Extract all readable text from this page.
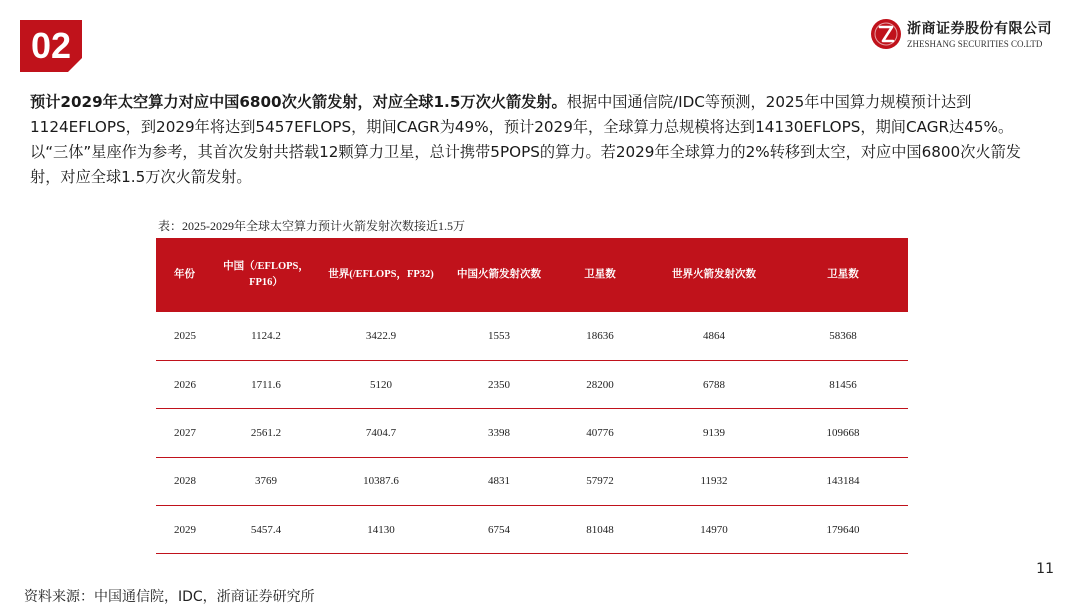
02	浙商证券股份有限公司
ZHESHANG SECURITIES CO.LTD

预计2029年太空算力对应中国6800次火箭发射，对应全球1.5万次火箭发射。根据中国通信院/IDC等预测，2025年中国算力规模预计达到1124EFLOPS，到2029年将达到5457EFLOPS，期间CAGR为49%，预计2029年，全球算力总规模将达到14130EFLOPS，期间CAGR达45%。以“三体”星座作为参考，其首次发射共搭载12颗算力卫星，总计携带5POPS的算力。若2029年全球算力的2%转移到太空，对应中国6800次火箭发射，对应全球1.5万次火箭发射。

表：2025-2029年全球太空算力预计火箭发射次数接近1.5万
年份	中国（/EFLOPS，FP16）	世界(/EFLOPS，FP32)	中国火箭发射次数	卫星数	世界火箭发射次数	卫星数
2025	1124.2	3422.9	1553	18636	4864	58368
2026	1711.6	5120	2350	28200	6788	81456
2027	2561.2	7404.7	3398	40776	9139	109668
2028	3769	10387.6	4831	57972	11932	143184
2029	5457.4	14130	6754	81048	14970	179640
11
资料来源：中国通信院，IDC，浙商证券研究所
